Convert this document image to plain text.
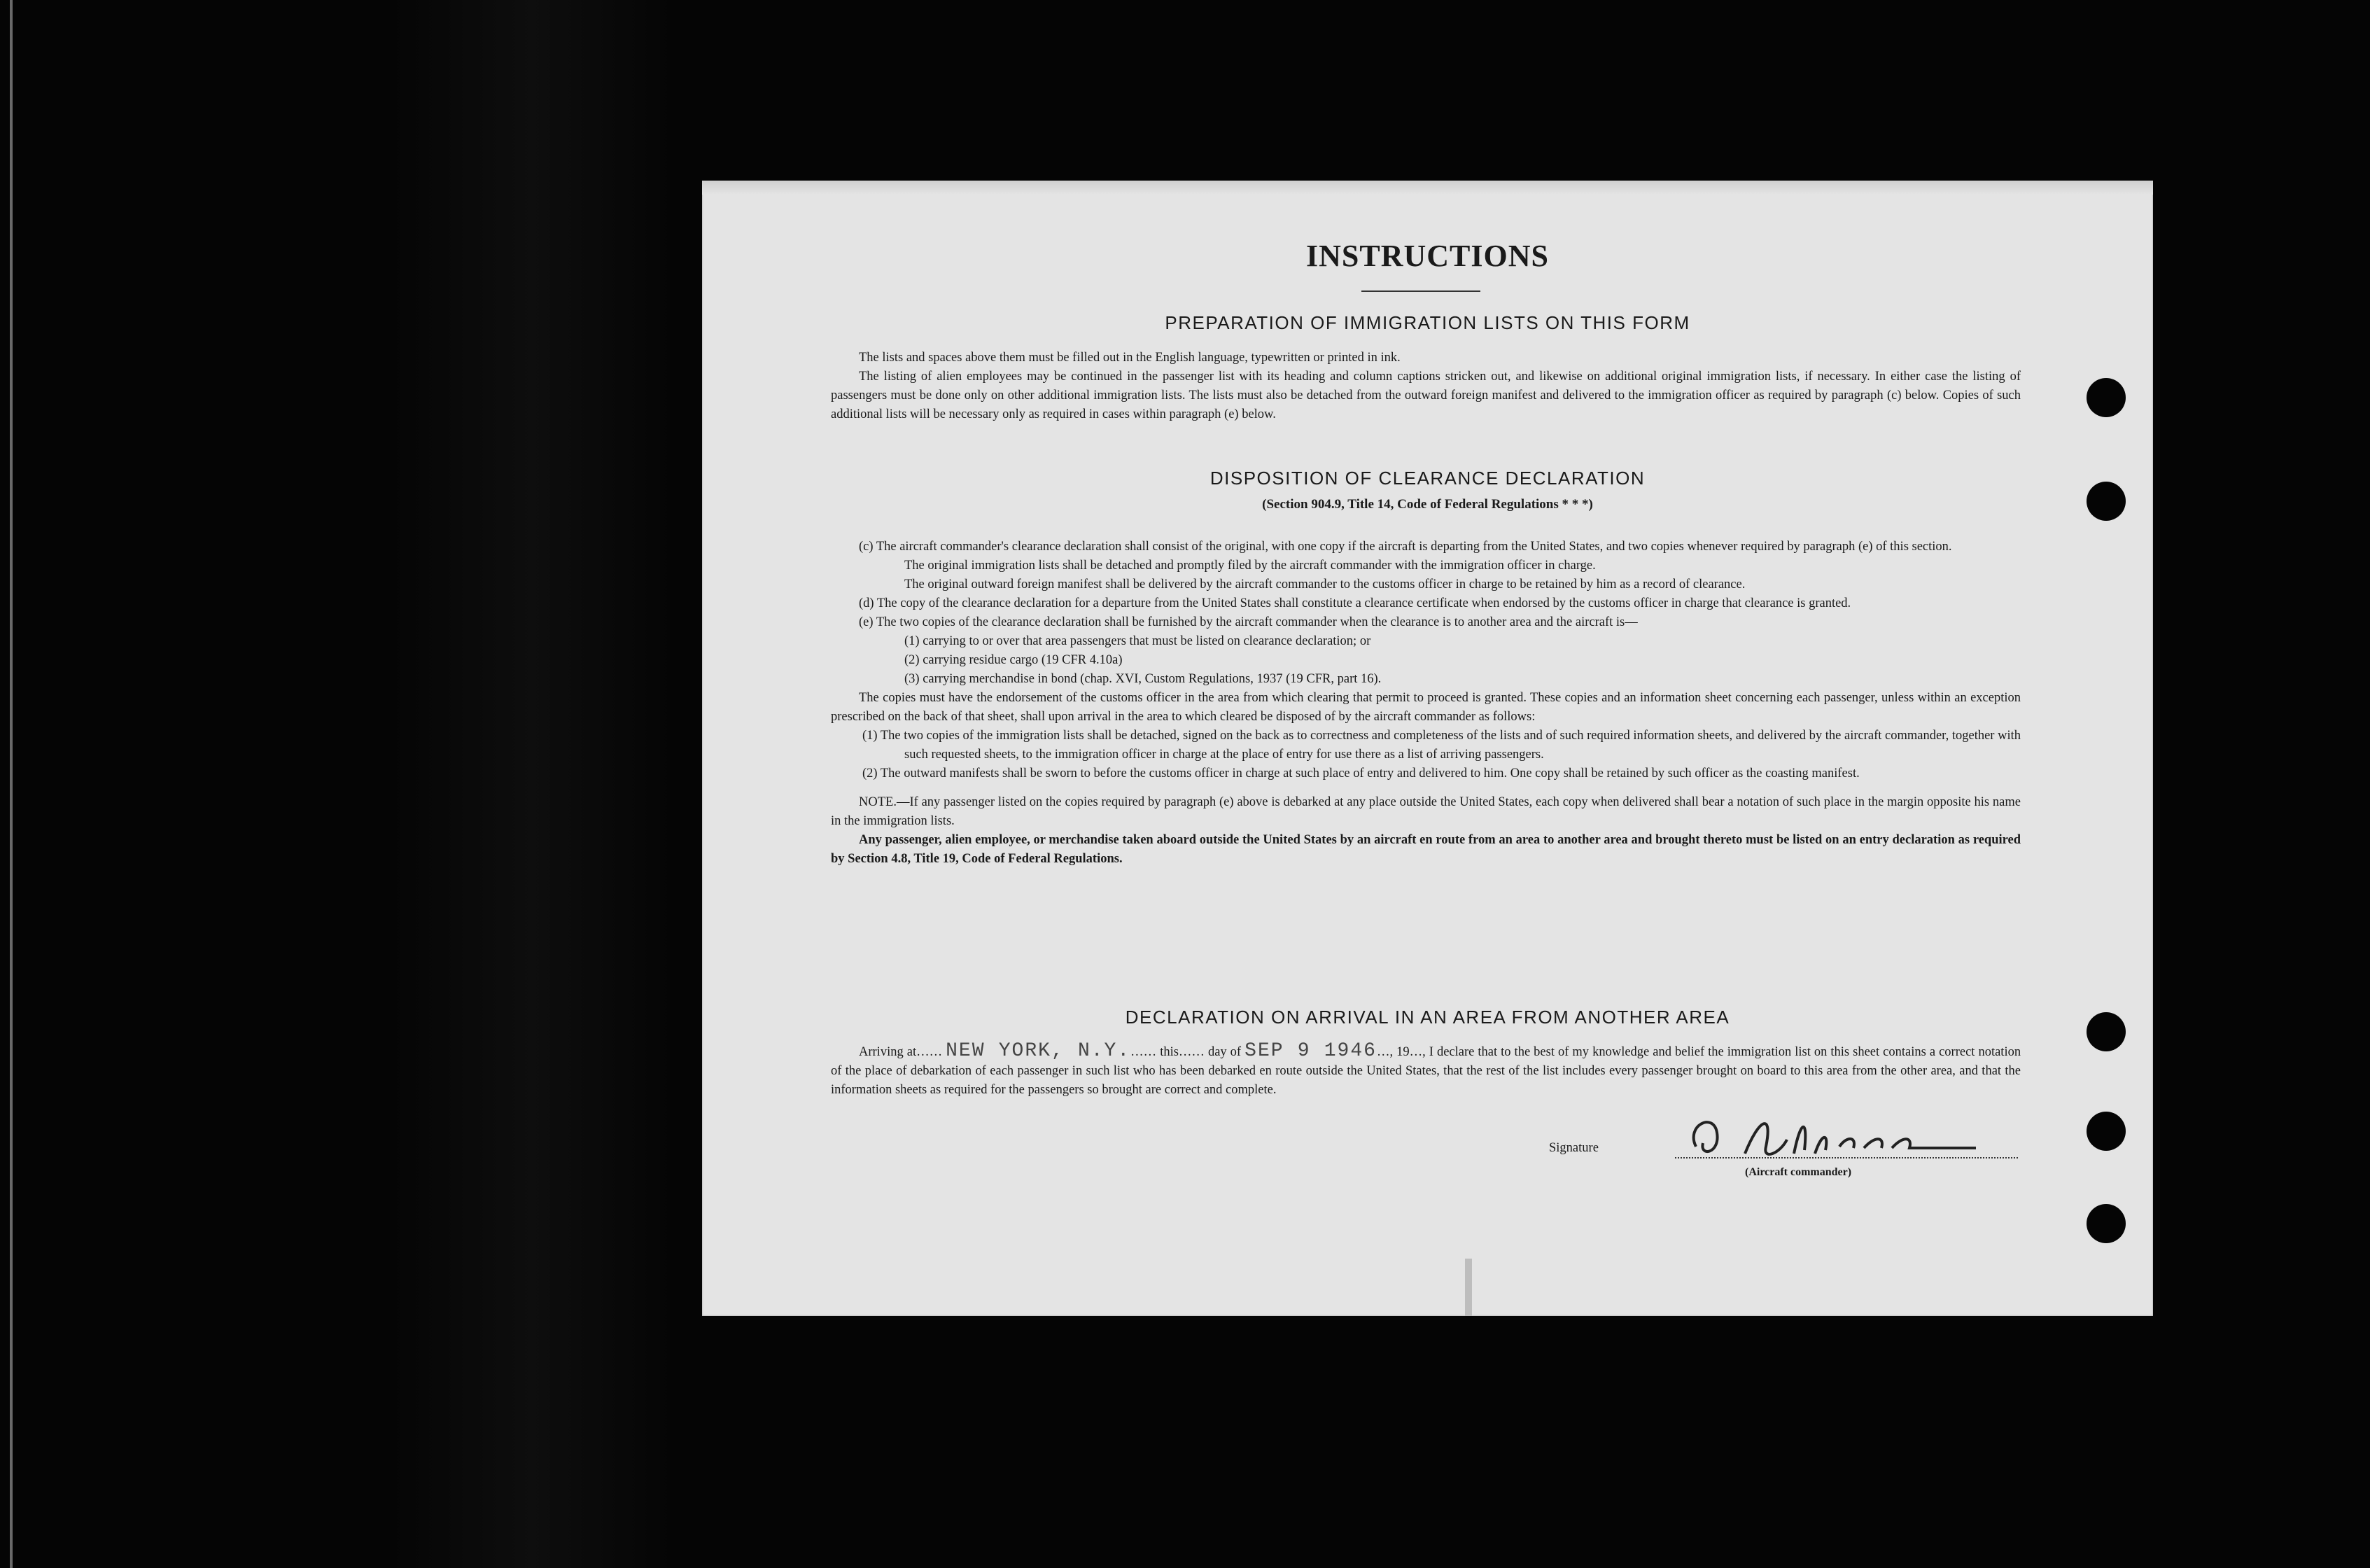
INSTRUCTIONS
PREPARATION OF IMMIGRATION LISTS ON THIS FORM

The lists and spaces above them must be filled out in the English language, typewritten or printed in ink.

The listing of alien employees may be continued in the passenger list with its heading and column captions stricken out, and likewise on additional original immigration lists, if necessary. In either case the listing of passengers must be done only on other additional immigration lists. The lists must also be detached from the outward foreign manifest and delivered to the immigration officer as required by paragraph (c) below. Copies of such additional lists will be necessary only as required in cases within paragraph (e) below.

DISPOSITION OF CLEARANCE DECLARATION
(Section 904.9, Title 14, Code of Federal Regulations * * *)

(c) The aircraft commander's clearance declaration shall consist of the original, with one copy if the aircraft is departing from the United States, and two copies whenever required by paragraph (e) of this section.

The original immigration lists shall be detached and promptly filed by the aircraft commander with the immigration officer in charge.

The original outward foreign manifest shall be delivered by the aircraft commander to the customs officer in charge to be retained by him as a record of clearance.

(d) The copy of the clearance declaration for a departure from the United States shall constitute a clearance certificate when endorsed by the customs officer in charge that clearance is granted.

(e) The two copies of the clearance declaration shall be furnished by the aircraft commander when the clearance is to another area and the aircraft is—

(1) carrying to or over that area passengers that must be listed on clearance declaration; or

(2) carrying residue cargo (19 CFR 4.10a)

(3) carrying merchandise in bond (chap. XVI, Custom Regulations, 1937 (19 CFR, part 16).

The copies must have the endorsement of the customs officer in the area from which clearing that permit to proceed is granted. These copies and an information sheet concerning each passenger, unless within an exception prescribed on the back of that sheet, shall upon arrival in the area to which cleared be disposed of by the aircraft commander as follows:

(1) The two copies of the immigration lists shall be detached, signed on the back as to correctness and completeness of the lists and of such required information sheets, and delivered by the aircraft commander, together with such requested sheets, to the immigration officer in charge at the place of entry for use there as a list of arriving passengers.

(2) The outward manifests shall be sworn to before the customs officer in charge at such place of entry and delivered to him. One copy shall be retained by such officer as the coasting manifest.

NOTE.—If any passenger listed on the copies required by paragraph (e) above is debarked at any place outside the United States, each copy when delivered shall bear a notation of such place in the margin opposite his name in the immigration lists.

Any passenger, alien employee, or merchandise taken aboard outside the United States by an aircraft en route from an area to another area and brought thereto must be listed on an entry declaration as required by Section 4.8, Title 19, Code of Federal Regulations.

DECLARATION ON ARRIVAL IN AN AREA FROM ANOTHER AREA

Arriving at…… NEW YORK, N.Y.…… this…… day of SEP 9 1946…, 19…, I declare that to the best of my knowledge and belief the immigration list on this sheet contains a correct notation of the place of debarkation of each passenger in such list who has been debarked en route outside the United States, that the rest of the list includes every passenger brought on board to this area from the other area, and that the information sheets as required for the passengers so brought are correct and complete.

Signature
(Aircraft commander)
